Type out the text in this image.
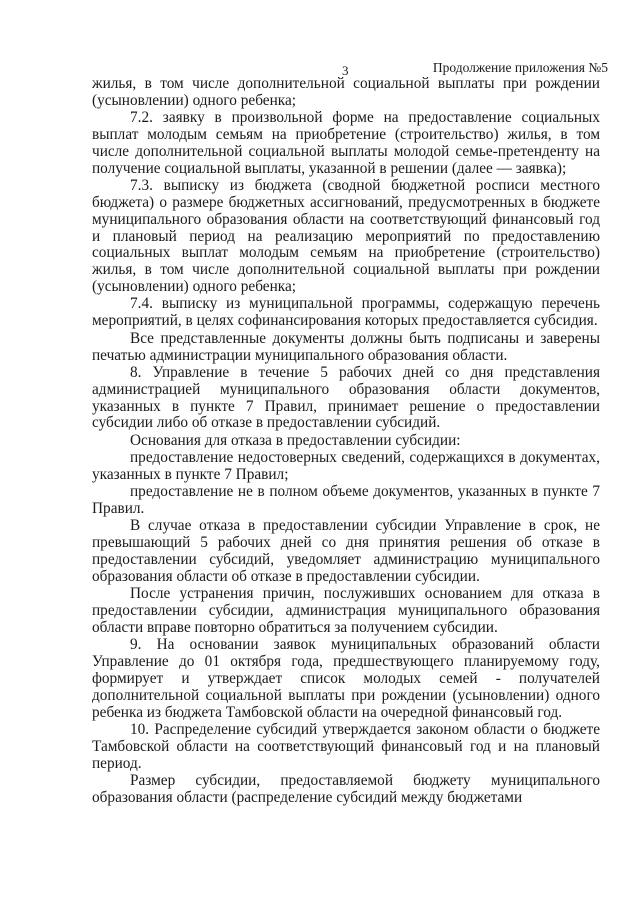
3	Продолжение приложения №5

жилья, в том числе дополнительной социальной выплаты при рождении (усыновлении) одного ребенка;

7.2. заявку в произвольной форме на предоставление социальных выплат молодым семьям на приобретение (строительство) жилья, в том числе дополнительной социальной выплаты молодой семье-претенденту на получение социальной выплаты, указанной в решении (далее — заявка);

7.3. выписку из бюджета (сводной бюджетной росписи местного бюджета) о размере бюджетных ассигнований, предусмотренных в бюджете муниципального образования области на соответствующий финансовый год и плановый период на реализацию мероприятий по предоставлению социальных выплат молодым семьям на приобретение (строительство) жилья, в том числе дополнительной социальной выплаты при рождении (усыновлении) одного ребенка;

7.4. выписку из муниципальной программы, содержащую перечень мероприятий, в целях софинансирования которых предоставляется субсидия.

Все представленные документы должны быть подписаны и заверены печатью администрации муниципального образования области.

8. Управление в течение 5 рабочих дней со дня представления администрацией муниципального образования области документов, указанных в пункте 7 Правил, принимает решение о предоставлении субсидии либо об отказе в предоставлении субсидий.

Основания для отказа в предоставлении субсидии:

предоставление недостоверных сведений, содержащихся в документах, указанных в пункте 7 Правил;

предоставление не в полном объеме документов, указанных в пункте 7 Правил.

В случае отказа в предоставлении субсидии Управление в срок, не превышающий 5 рабочих дней со дня принятия решения об отказе в предоставлении субсидий, уведомляет администрацию муниципального образования области об отказе в предоставлении субсидии.

После устранения причин, послуживших основанием для отказа в предоставлении субсидии, администрация муниципального образования области вправе повторно обратиться за получением субсидии.

9. На основании заявок муниципальных образований области Управление до 01 октября года, предшествующего планируемому году, формирует и утверждает список молодых семей - получателей дополнительной социальной выплаты при рождении (усыновлении) одного ребенка из бюджета Тамбовской области на очередной финансовый год.

10. Распределение субсидий утверждается законом области о бюджете Тамбовской области на соответствующий финансовый год и на плановый период.

Размер субсидии, предоставляемой бюджету муниципального образования области (распределение субсидий между бюджетами
